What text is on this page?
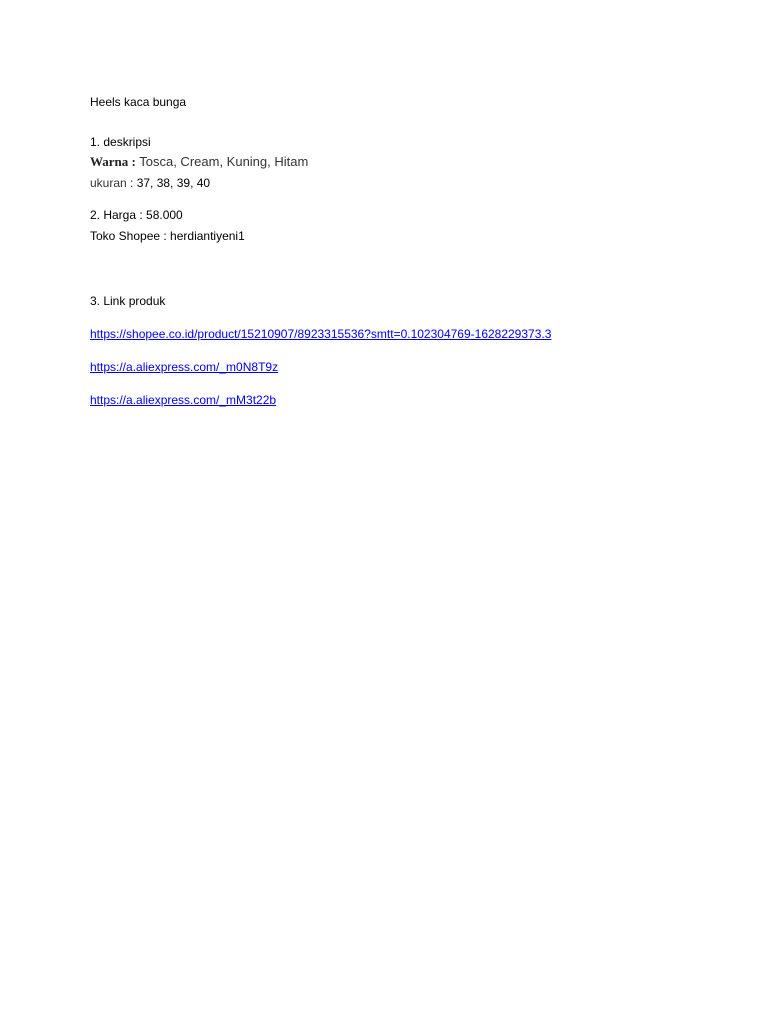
Heels kaca bunga
1. deskripsi
Warna : Tosca, Cream, Kuning, Hitam
ukuran : 37, 38, 39, 40
2. Harga : 58.000
Toko Shopee : herdiantiyeni1
3. Link produk
https://shopee.co.id/product/15210907/8923315536?smtt=0.102304769-1628229373.3
https://a.aliexpress.com/_m0N8T9z
https://a.aliexpress.com/_mM3t22b
